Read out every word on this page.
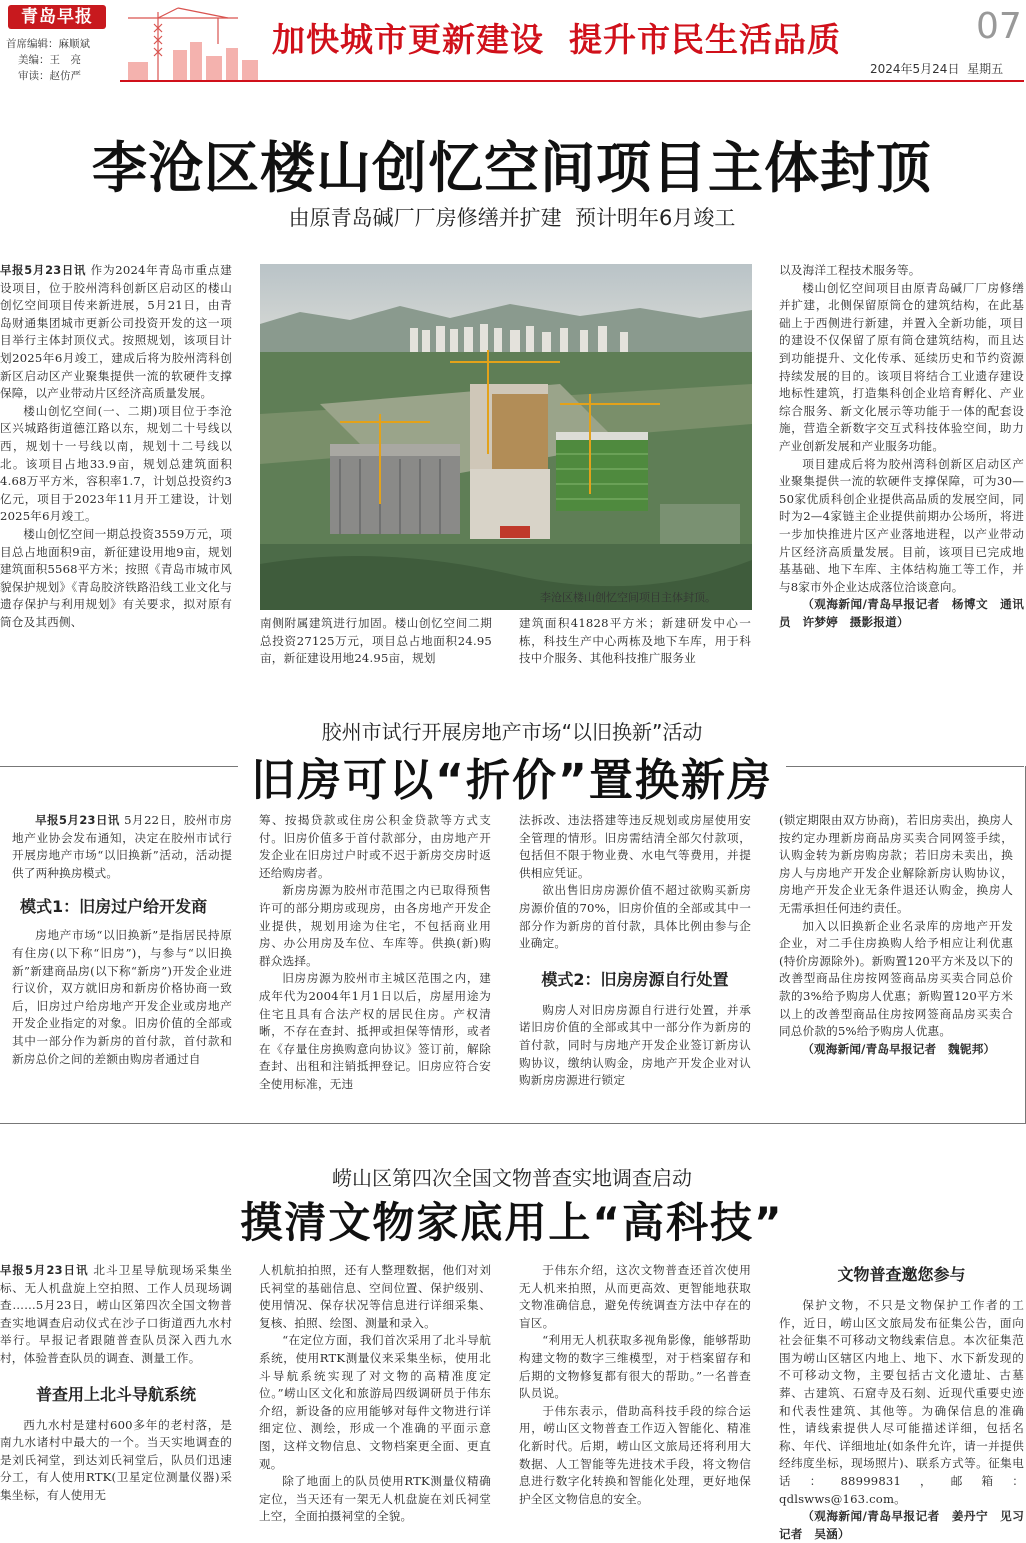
青岛早报
首席编辑：麻顺斌
美编：王　亮
审读：赵仿严
加快城市更新建设  提升市民生活品质	07
2024年5月24日  星期五
李沧区楼山创忆空间项目主体封顶
由原青岛碱厂厂房修缮并扩建  预计明年6月竣工

早报5月23日讯 作为2024年青岛市重点建设项目，位于胶州湾科创新区启动区的楼山创忆空间项目传来新进展，5月21日，由青岛财通集团城市更新公司投资开发的这一项目举行主体封顶仪式。按照规划，该项目计划2025年6月竣工，建成后将为胶州湾科创新区启动区产业聚集提供一流的软硬件支撑保障，以产业带动片区经济高质量发展。

楼山创忆空间(一、二期)项目位于李沧区兴城路街道德江路以东，规划二十号线以西，规划十一号线以南，规划十二号线以北。该项目占地33.9亩，规划总建筑面积4.68万平方米，容积率1.7，计划总投资约3亿元，项目于2023年11月开工建设，计划2025年6月竣工。

楼山创忆空间一期总投资3559万元，项目总占地面积9亩，新征建设用地9亩，规划建筑面积5568平方米；按照《青岛市城市风貌保护规划》《青岛胶济铁路沿线工业文化与遗存保护与利用规划》有关要求，拟对原有筒仓及其西侧、

李沧区楼山创忆空间项目主体封顶。

南侧附属建筑进行加固。楼山创忆空间二期总投资27125万元，项目总占地面积24.95亩，新征建设用地24.95亩，规划

建筑面积41828平方米；新建研发中心一栋，科技生产中心两栋及地下车库，用于科技中介服务、其他科技推广服务业

以及海洋工程技术服务等。

楼山创忆空间项目由原青岛碱厂厂房修缮并扩建，北侧保留原筒仓的建筑结构，在此基础上于西侧进行新建，并置入全新功能，项目的建设不仅保留了原有筒仓建筑结构，而且达到功能提升、文化传承、延续历史和节约资源持续发展的目的。该项目将结合工业遗存建设地标性建筑，打造集科创企业培育孵化、产业综合服务、新文化展示等功能于一体的配套设施，营造全新数字交互式科技体验空间，助力产业创新发展和产业服务功能。

项目建成后将为胶州湾科创新区启动区产业聚集提供一流的软硬件支撑保障，可为30—50家优质科创企业提供高品质的发展空间，同时为2—4家链主企业提供前期办公场所，将进一步加快推进片区产业落地进程，以产业带动片区经济高质量发展。目前，该项目已完成地基基础、地下车库、主体结构施工等工作，并与8家市外企业达成落位洽谈意向。

（观海新闻/青岛早报记者　杨博文　通讯员　许梦婷　摄影报道）

胶州市试行开展房地产市场“以旧换新”活动
旧房可以“折价”置换新房

早报5月23日讯 5月22日，胶州市房地产业协会发布通知，决定在胶州市试行开展房地产市场“以旧换新”活动，活动提供了两种换房模式。

模式1：旧房过户给开发商

房地产市场“以旧换新”是指居民持原有住房(以下称“旧房”)，与参与“以旧换新”新建商品房(以下称“新房”)开发企业进行议价，双方就旧房和新房价格协商一致后，旧房过户给房地产开发企业或房地产开发企业指定的对象。旧房价值的全部或其中一部分作为新房的首付款，首付款和新房总价之间的差额由购房者通过自

筹、按揭贷款或住房公积金贷款等方式支付。旧房价值多于首付款部分，由房地产开发企业在旧房过户时或不迟于新房交房时返还给购房者。

新房房源为胶州市范围之内已取得预售许可的部分期房或现房，由各房地产开发企业提供，规划用途为住宅，不包括商业用房、办公用房及车位、车库等。供换(新)购群众选择。

旧房房源为胶州市主城区范围之内，建成年代为2004年1月1日以后，房屋用途为住宅且具有合法产权的居民住房。产权清晰，不存在查封、抵押或担保等情形，或者在《存量住房换购意向协议》签订前，解除查封、出租和注销抵押登记。旧房应符合安全使用标准，无违

法拆改、违法搭建等违反规划或房屋使用安全管理的情形。旧房需结清全部欠付款项，包括但不限于物业费、水电气等费用，并提供相应凭证。

欲出售旧房房源价值不超过欲购买新房房源价值的70%，旧房价值的全部或其中一部分作为新房的首付款，具体比例由参与企业确定。

模式2：旧房房源自行处置

购房人对旧房房源自行进行处置，并承诺旧房价值的全部或其中一部分作为新房的首付款，同时与房地产开发企业签订新房认购协议，缴纳认购金，房地产开发企业对认购新房房源进行锁定

(锁定期限由双方协商)，若旧房卖出，换房人按约定办理新房商品房买卖合同网签手续，认购金转为新房购房款；若旧房未卖出，换房人与房地产开发企业解除新房认购协议，房地产开发企业无条件退还认购金，换房人无需承担任何违约责任。

加入以旧换新企业名录库的房地产开发企业，对二手住房换购人给予相应让利优惠(特价房源除外)。新购置120平方米及以下的改善型商品住房按网签商品房买卖合同总价款的3%给予购房人优惠；新购置120平方米以上的改善型商品住房按网签商品房买卖合同总价款的5%给予购房人优惠。

（观海新闻/青岛早报记者　魏铌邦）

崂山区第四次全国文物普查实地调查启动
摸清文物家底用上“高科技”

早报5月23日讯 北斗卫星导航现场采集坐标、无人机盘旋上空拍照、工作人员现场调查……5月23日，崂山区第四次全国文物普查实地调查启动仪式在沙子口街道西九水村举行。早报记者跟随普查队员深入西九水村，体验普查队员的调查、测量工作。

普查用上北斗导航系统

西九水村是建村600多年的老村落，是南九水诸村中最大的一个。当天实地调查的是刘氏祠堂，到达刘氏祠堂后，队员们迅速分工，有人使用RTK(卫星定位测量仪器)采集坐标，有人使用无

人机航拍拍照，还有人整理数据，他们对刘氏祠堂的基础信息、空间位置、保护级别、使用情况、保存状况等信息进行详细采集、复核、拍照、绘图、测量和录入。

“在定位方面，我们首次采用了北斗导航系统，使用RTK测量仪来采集坐标，使用北斗导航系统实现了对文物的高精准度定位。”崂山区文化和旅游局四级调研员于伟东介绍，新设备的应用能够对每件文物进行详细定位、测绘，形成一个准确的平面示意图，这样文物信息、文物档案更全面、更直观。

除了地面上的队员使用RTK测量仪精确定位，当天还有一架无人机盘旋在刘氏祠堂上空，全面拍摄祠堂的全貌。

于伟东介绍，这次文物普查还首次使用无人机来拍照，从而更高效、更智能地获取文物准确信息，避免传统调查方法中存在的盲区。

“利用无人机获取多视角影像，能够帮助构建文物的数字三维模型，对于档案留存和后期的文物修复都有很大的帮助。”一名普查队员说。

于伟东表示，借助高科技手段的综合运用，崂山区文物普查工作迈入智能化、精准化新时代。后期，崂山区文旅局还将利用大数据、人工智能等先进技术手段，将文物信息进行数字化转换和智能化处理，更好地保护全区文物信息的安全。

文物普查邀您参与

保护文物，不只是文物保护工作者的工作，近日，崂山区文旅局发布征集公告，面向社会征集不可移动文物线索信息。本次征集范围为崂山区辖区内地上、地下、水下新发现的不可移动文物，主要包括古文化遗址、古墓葬、古建筑、石窟寺及石刻、近现代重要史迹和代表性建筑、其他等。为确保信息的准确性，请线索提供人尽可能描述详细，包括名称、年代、详细地址(如条件允许，请一并提供经纬度坐标，现场照片)、联系方式等。征集电话：88999831，邮箱：qdlswws@163.com。

（观海新闻/青岛早报记者　姜丹宁　见习记者　吴涵）
